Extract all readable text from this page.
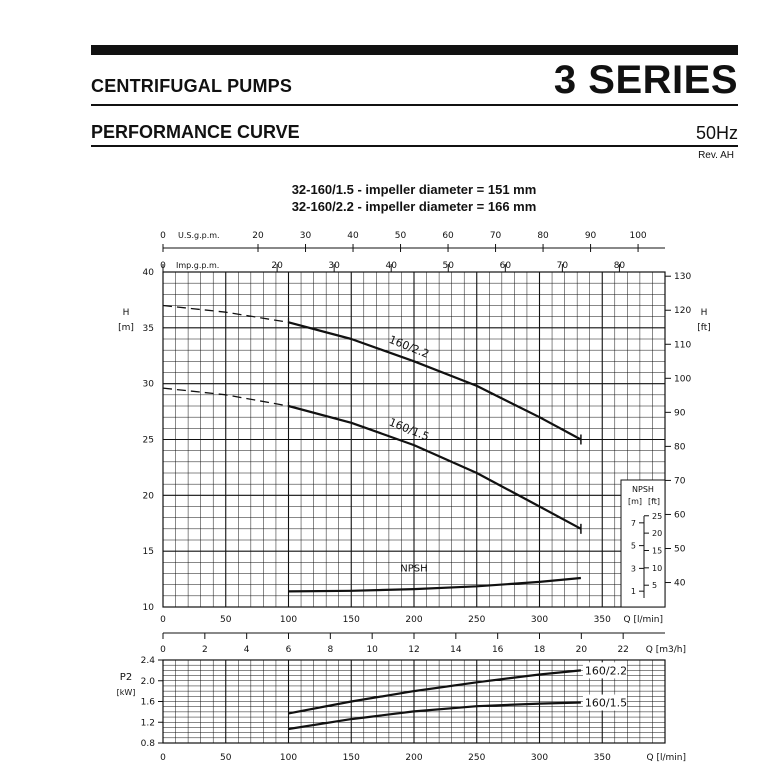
CENTRIFUGAL PUMPS	3 SERIES
PERFORMANCE CURVE	50Hz
Rev. AH
32-160/1.5 - impeller diameter = 151 mm
32-160/2.2 - impeller diameter = 166 mm
10
15
20
25
30
35
40
H
[m]
40
50
60
70
80
90
100
110
120
130
H
[ft]
0	50	100	150	200	250	300	350 Q [l/min]
0	20	30	40	50	60	70	80	90	100
U.S.g.p.m.
0	20	30	40	50	60	70	80
Imp.g.p.m.
0	2	4	6	8	10	12	14	16	18	20	22 Q [m3/h]
160/2.2
160/1.5
NPSH
NPSH
[m] [ft]
1
3
5
7
5
10
15
20
25
0.8
1.2
1.6
2.0
2.4
P2
[kW]
160/2.2
160/1.5
0	50	100	150	200	250	300	350	Q [l/min]
